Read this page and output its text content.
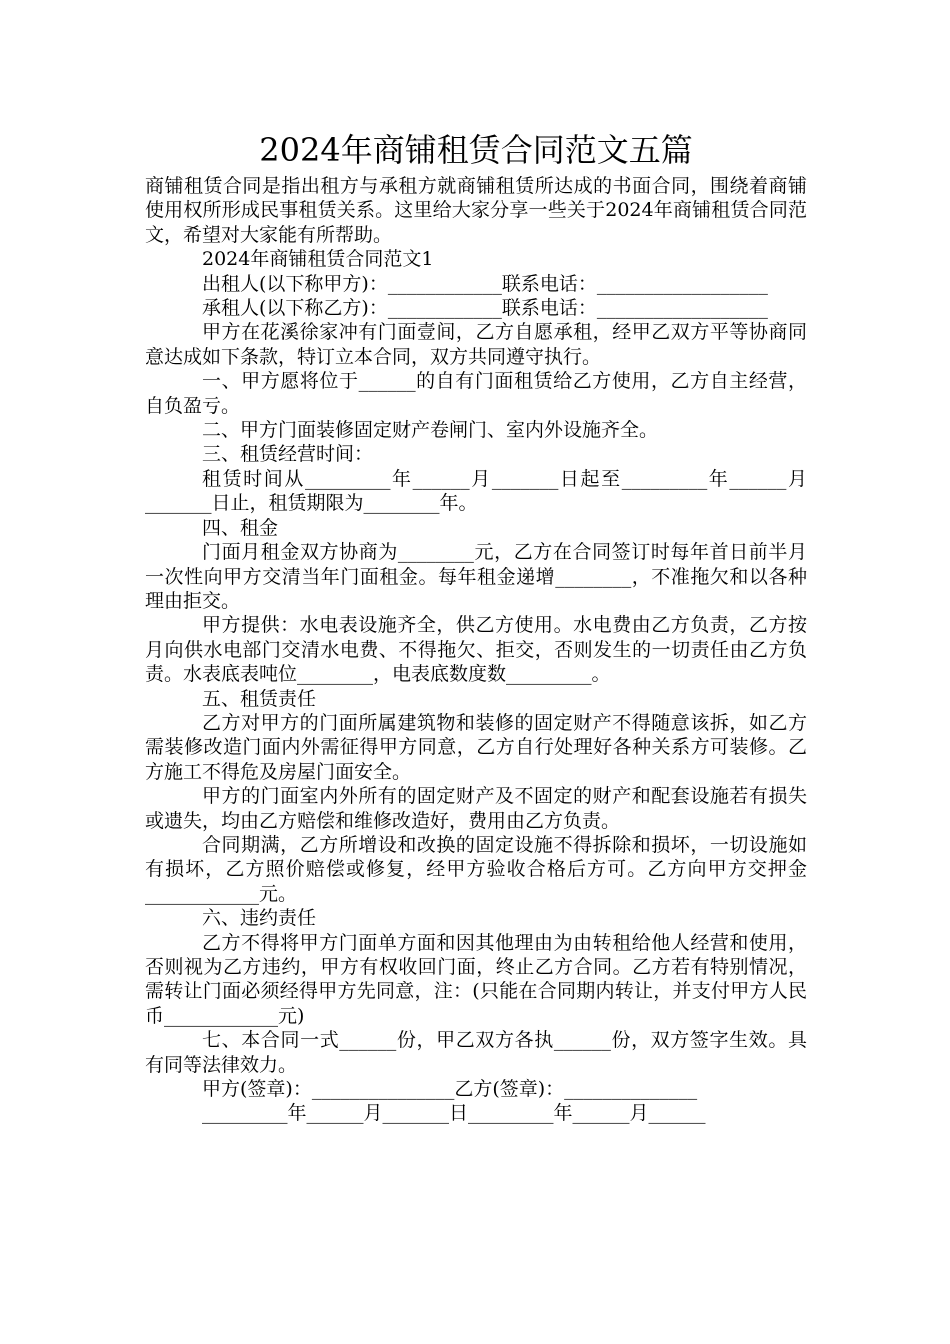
2024年商铺租赁合同范文五篇

商铺租赁合同是指出租方与承租方就商铺租赁所达成的书面合同，围绕着商铺使用权所形成民事租赁关系。这里给大家分享一些关于2024年商铺租赁合同范文，希望对大家能有所帮助。

2024年商铺租赁合同范文1

出租人(以下称甲方)：____________联系电话：__________________

承租人(以下称乙方)：____________联系电话：__________________

甲方在花溪徐家冲有门面壹间，乙方自愿承租，经甲乙双方平等协商同意达成如下条款，特订立本合同，双方共同遵守执行。

一、甲方愿将位于______的自有门面租赁给乙方使用，乙方自主经营，自负盈亏。

二、甲方门面装修固定财产卷闸门、室内外设施齐全。

三、租赁经营时间：

租赁时间从_________年______月_______日起至_________年______月_______日止，租赁期限为________年。

四、租金

门面月租金双方协商为________元，乙方在合同签订时每年首日前半月一次性向甲方交清当年门面租金。每年租金递增________，不准拖欠和以各种理由拒交。

甲方提供：水电表设施齐全，供乙方使用。水电费由乙方负责，乙方按月向供水电部门交清水电费、不得拖欠、拒交，否则发生的一切责任由乙方负责。水表底表吨位________，电表底数度数_________。

五、租赁责任

乙方对甲方的门面所属建筑物和装修的固定财产不得随意该拆，如乙方需装修改造门面内外需征得甲方同意，乙方自行处理好各种关系方可装修。乙方施工不得危及房屋门面安全。

甲方的门面室内外所有的固定财产及不固定的财产和配套设施若有损失或遗失，均由乙方赔偿和维修改造好，费用由乙方负责。

合同期满，乙方所增设和改换的固定设施不得拆除和损坏，一切设施如有损坏，乙方照价赔偿或修复，经甲方验收合格后方可。乙方向甲方交押金____________元。

六、违约责任

乙方不得将甲方门面单方面和因其他理由为由转租给他人经营和使用，否则视为乙方违约，甲方有权收回门面，终止乙方合同。乙方若有特别情况，需转让门面必须经得甲方先同意，注：(只能在合同期内转让，并支付甲方人民币____________元)

七、本合同一式______份，甲乙双方各执______份，双方签字生效。具有同等法律效力。

甲方(签章)：_______________乙方(签章)：______________

_________年______月_______日_________年______月______
